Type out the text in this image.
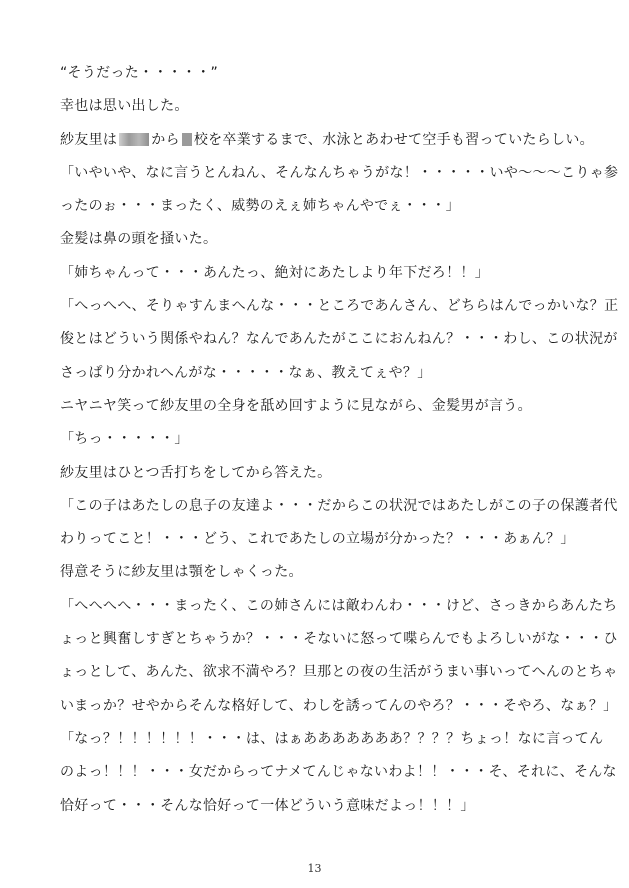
“そうだった・・・・・”
幸也は思い出した。
紗友里は から 校を卒業するまで、水泳とあわせて空手も習っていたらしい。
「いやいや、なに言うとんねん、そんなんちゃうがな！・・・・・いや～～～こりゃ参
ったのぉ・・・まったく、威勢のえぇ姉ちゃんやでぇ・・・」
金髪は鼻の頭を掻いた。
「姉ちゃんって・・・あんたっ、絶対にあたしより年下だろ！！」
「へっへへ、そりゃすんまへんな・・・ところであんさん、どちらはんでっかいな？正
俊とはどういう関係やねん？なんであんたがここにおんねん？・・・わし、この状況が
さっぱり分かれへんがな・・・・・なぁ、教えてぇや？」
ニヤニヤ笑って紗友里の全身を舐め回すように見ながら、金髪男が言う。
「ちっ・・・・・」
紗友里はひとつ舌打ちをしてから答えた。
「この子はあたしの息子の友達よ・・・だからこの状況ではあたしがこの子の保護者代
わりってこと！・・・どう、これであたしの立場が分かった？・・・あぁん？」
得意そうに紗友里は顎をしゃくった。
「へへへへ・・・まったく、この姉さんには敵わんわ・・・けど、さっきからあんたち
ょっと興奮しすぎとちゃうか？・・・そないに怒って喋らんでもよろしいがな・・・ひ
ょっとして、あんた、欲求不満やろ？旦那との夜の生活がうまい事いってへんのとちゃ
いまっか？せやからそんな格好して、わしを誘ってんのやろ？・・・そやろ、なぁ？」
「なっ？！！！！！！・・・は、はぁあああああああ？？？？ちょっ！なに言ってん
のよっ！！！・・・女だからってナメてんじゃないわよ！！・・・そ、それに、そんな
恰好って・・・そんな恰好って一体どういう意味だよっ！！！」
13
